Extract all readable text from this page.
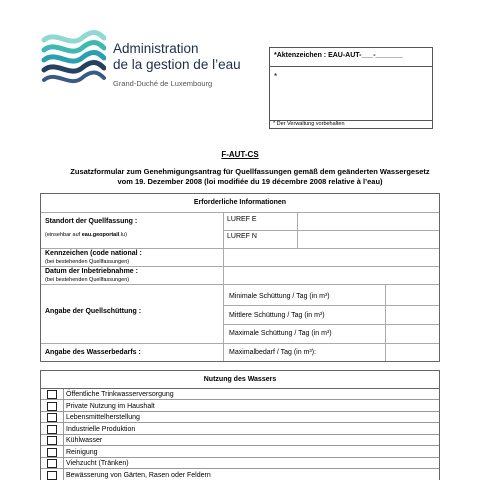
Administration
de la gestion de l’eau
Grand-Duché de Luxembourg
*Aktenzeichen : EAU-AUT-___-_______
*
* Der Verwaltung vorbehalten
F-AUT-CS
Zusatzformular zum Genehmigungsantrag für Quellfassungen gemäß dem geänderten Wassergesetz
vom 19. Dezember 2008 (loi modifiée du 19 décembre 2008 relative à l’eau)
Erforderliche Informationen
Standort der Quellfassung :
(einsehbar auf eau.geoportail.lu)
LUREF E
LUREF N
Kennzeichen (code national :
(bei bestehenden Quellfassungen)
Datum der Inbetriebnahme :
(bei bestehenden Quellfassungen)
Angabe der Quellschüttung :
Minimale Schüttung / Tag (in m³)
Mittlere Schüttung / Tag (in m³)
Maximale Schüttung / Tag (in m³)
Angabe des Wasserbedarfs :	Maximalbedarf / Tag (in m³):
Nutzung des Wassers
Öffentliche Trinkwasserversorgung
Private Nutzung im Haushalt
Lebensmittelherstellung
Industrielle Produktion
Kühlwasser
Reinigung
Viehzucht (Tränken)
Bewässerung von Gärten, Rasen oder Feldern
